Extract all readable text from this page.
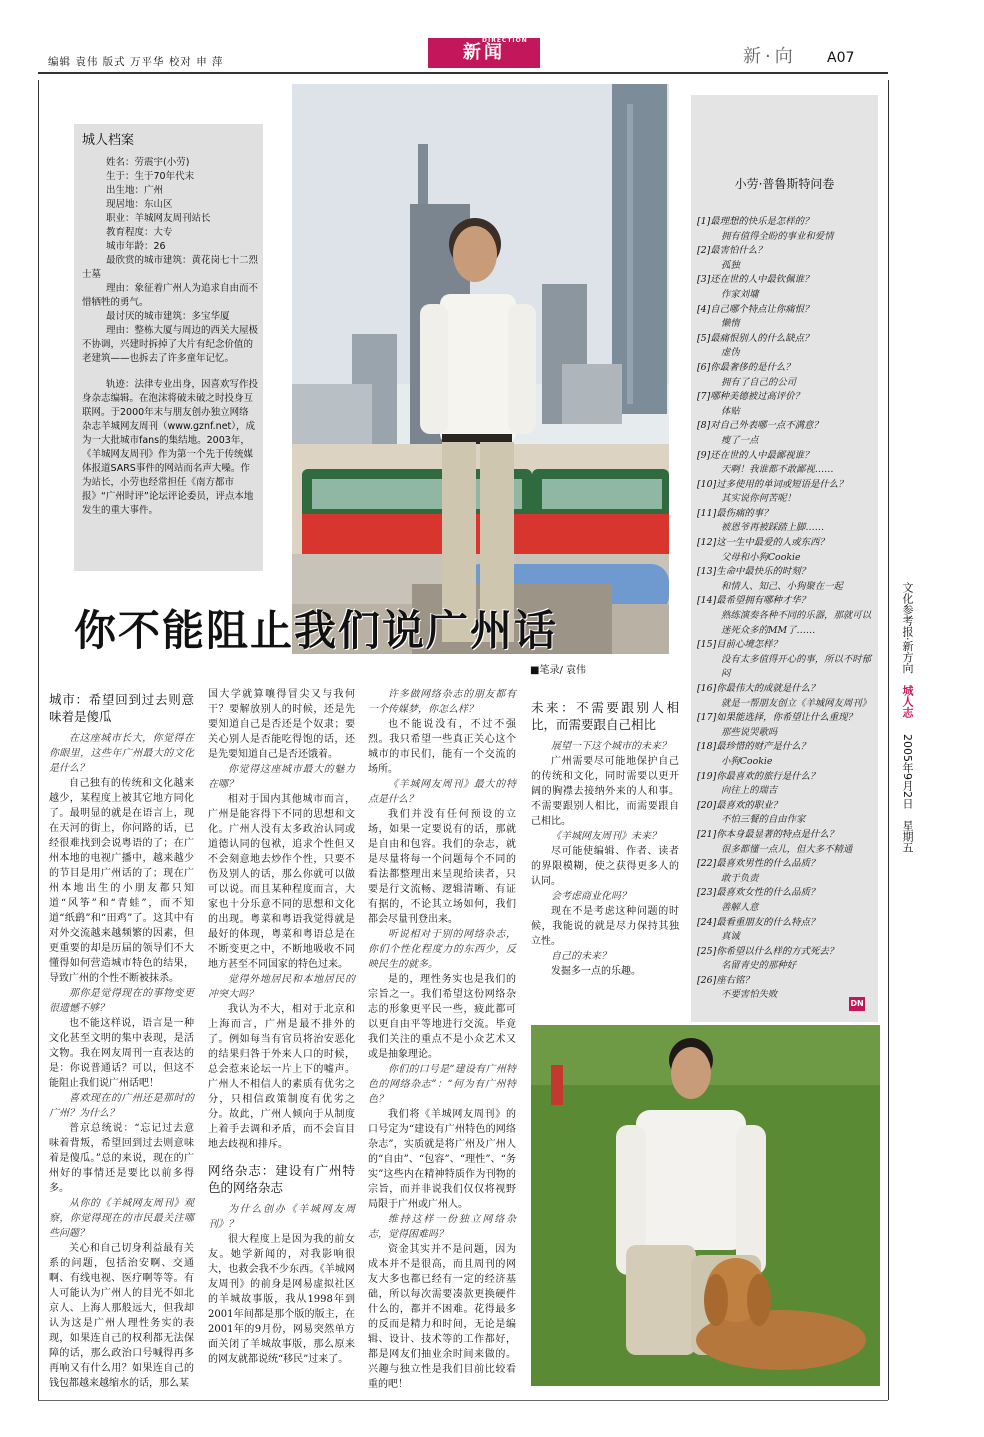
编辑 袁伟 版式 万平华 校对 申 萍
DIRECTION
新闻	新·向 A07
城人档案

姓名：劳震宇(小劳)

生于：生于70年代末

出生地：广州

现居地：东山区

职业：羊城网友周刊站长

教育程度：大专

城市年龄：26

最欣赏的城市建筑：黄花岗七十二烈士墓

理由：象征着广州人为追求自由而不惜牺牲的勇气。

最讨厌的城市建筑：多宝华厦

理由：整栋大厦与周边的西关大屋极不协调，兴建时拆掉了大片有纪念价值的老建筑——也拆去了许多童年记忆。

轨迹：法律专业出身，因喜欢写作投身杂志编辑。在泡沫将破未破之时投身互联网。于2000年末与朋友创办独立网络杂志羊城网友周刊（www.gznf.net），成为一大批城市fans的集结地。2003年，《羊城网友周刊》作为第一个先于传统媒体报道SARS事件的网站而名声大噪。作为站长，小劳也经常担任《南方都市报》“广州时评”论坛评论委员，评点本地发生的重大事件。

你不能阻止我们说广州话
■笔录/ 袁伟
城市：希望回到过去则意味着是傻瓜

在这座城市长大，你觉得在你眼里，这些年广州最大的文化是什么？

自己独有的传统和文化越来越少，某程度上被其它地方同化了。最明显的就是在语言上，现在天河的街上，你问路的话，已经很难找到会说粤语的了；在广州本地的电视广播中，越来越少的节目是用广州话的了；现在广州本地出生的小朋友都只知道“风筝”和“青蛙”，而不知道“纸鹞”和“田鸡”了。这其中有对外交流越来越频繁的因素，但更重要的却是历届的领导们不大懂得如何营造城市特色的结果，导致广州的个性不断被抹杀。

那你是觉得现在的事物变更很遗憾不够？

也不能这样说，语言是一种文化甚至文明的集中表现，是活文物。我在网友周刊一直表达的是：你说普通话？可以，但这不能阻止我们说广州话吧！

喜欢现在的广州还是那时的广州？为什么？

普京总统说：“忘记过去意味着背叛，希望回到过去则意味着是傻瓜。”总的来说，现在的广州好的事情还是要比以前多得多。

从你的《羊城网友周刊》观察，你觉得现在的市民最关注哪些问题？

关心和自己切身利益最有关系的问题，包括治安啊、交通啊、有线电视、医疗啊等等。有人可能认为广州人的目光不如北京人、上海人那般远大，但我却认为这是广州人理性务实的表现，如果连自己的权利都无法保障的话，那么政治口号喊得再多再响又有什么用？如果连自己的钱包都越来越缩水的话，那么某

国大学就算嚷得冒尖又与我何干？要解放别人的时候，还是先要知道自己是否还是个奴隶；要关心别人是否能吃得饱的话，还是先要知道自己是否还饿着。

你觉得这座城市最大的魅力在哪？

相对于国内其他城市而言，广州是能容得下不同的思想和文化。广州人没有太多政治认同或道德认同的包袱，追求个性但又不会刻意地去炒作个性，只要不伤及别人的话，那么你就可以做可以说。而且某种程度而言，大家也十分乐意不同的思想和文化的出现。粤菜和粤语我觉得就是最好的体现，粤菜和粤语总是在不断变更之中，不断地吸收不同地方甚至不同国家的特色过来。

觉得外地居民和本地居民的冲突大吗？

我认为不大，相对于北京和上海而言，广州是最不排外的了。例如每当有官员将治安恶化的结果归咎于外来人口的时候，总会惹来论坛一片上下的嘘声。广州人不相信人的素质有优劣之分，只相信政策制度有优劣之分。故此，广州人倾向于从制度上着手去调和矛盾，而不会盲目地去歧视和排斥。

网络杂志：建设有广州特色的网络杂志

为什么创办《羊城网友周刊》？

很大程度上是因为我的前女友。她学新闻的，对我影响很大，也救会我不少东西。《羊城网友周刊》的前身是网易虚拟社区的羊城故事版，我从1998年到2001年间都是那个版的版主，在2001年的9月份，网易突然单方面关闭了羊城故事版，那么原来的网友就都说统“移民”过来了。

许多做网络杂志的朋友都有一个传媒梦，你怎么样？

也不能说没有，不过不强烈。我只希望一些真正关心这个城市的市民们，能有一个交流的场所。

《羊城网友周刊》最大的特点是什么？

我们并没有任何预设的立场，如果一定要说有的话，那就是自由和包容。我们的杂志，就是尽量将每一个问题每个不同的看法都整理出来呈现给读者，只要是行文流畅、逻辑清晰、有证有据的，不论其立场如何，我们都会尽量刊登出来。

听说相对于别的网络杂志，你们个性化程度力的东西少，反映民生的就多。

是的，理性务实也是我们的宗旨之一。我们希望这份网络杂志的形象更平民一些，疲此都可以更自由平等地进行交流。毕竟我们关注的重点不是小众艺术又或是抽象理论。

你们的口号是“建设有广州特色的网络杂志”：“何为有广州特色？

我们将《羊城网友周刊》的口号定为“建设有广州特色的网络杂志”，实质就是将广州及广州人的“自由”、“包容”、“理性”、“务实”这些内在精神特质作为刊物的宗旨，而并非说我们仅仅将视野局限于广州或广州人。

维持这样一份独立网络杂志，觉得困难吗？

资金其实并不是问题，因为成本并不是很高，而且周刊的网友大多也都已经有一定的经济基础，所以每次需要凑款更换硬件什么的，都并不困难。花得最多的反而是精力和时间，无论是编辑、设计、技术等的工作都好，都是网友们抽业余时间来做的。兴趣与独立性是我们目前比较看重的吧！

未来：不需要跟别人相比，而需要跟自己相比

展望一下这个城市的未来？

广州需要尽可能地保护自己的传统和文化，同时需要以更开阔的胸襟去接纳外来的人和事。不需要跟别人相比，而需要跟自己相比。

《羊城网友周刊》未来？

尽可能使编辑、作者、读者的界限模糊，使之获得更多人的认同。

会考虑商业化吗？

现在不是考虑这种问题的时候，我能说的就是尽力保持其独立性。

自己的未来？

发掘多一点的乐趣。

小劳·普鲁斯特问卷
[1]最理想的快乐是怎样的？
拥有值得全盼的事业和爱情
[2]最害怕什么？
孤独
[3]还在世的人中最钦佩谁？
作家刘墉
[4]自己哪个特点让你痛恨？
懒惰
[5]最痛恨别人的什么缺点？
虚伪
[6]你最奢侈的是什么？
拥有了自己的公司
[7]哪种美德被过高评价？
体贴
[8]对自己外表哪一点不满意？
瘦了一点
[9]还在世的人中最鄙视谁？
天啊！我谁都不敢鄙视……
[10]过多使用的单词或短语是什么？
其实说你何苦呢！
[11]最伤痛的事？
被恩爷再被踩踏上脚……
[12]这一生中最爱的人或东西？
父母和小狗Cookie
[13]生命中最快乐的时刻？
和情人、知己、小狗聚在一起
[14]最希望拥有哪种才华？
熟练演奏各种不同的乐器，那就可以迷死众多的MM了……
[15]目前心境怎样？
没有太多值得开心的事，所以不时郁闷
[16]你最伟大的成就是什么？
就是一帮朋友创立《羊城网友周刊》
[17]如果能选择，你希望让什么重现？
那些说哭歌吗
[18]最珍惜的财产是什么？
小狗Cookie
[19]你最喜欢的旅行是什么？
向往上的瑞吉
[20]最喜欢的职业？
不怕三餐的自由作家
[21]你本身最显著的特点是什么？
很多都懂一点儿，但大多不精通
[22]最喜欢男性的什么品质？
敢于负责
[23]最喜欢女性的什么品质？
善解人意
[24]最看重朋友的什么特点？
真诚
[25]你希望以什么样的方式死去？
名留青史的那种好
[26]座右铭？
不要害怕失败
DN
文化参考报·新方向 城人志 2005年9月2日 星期五
